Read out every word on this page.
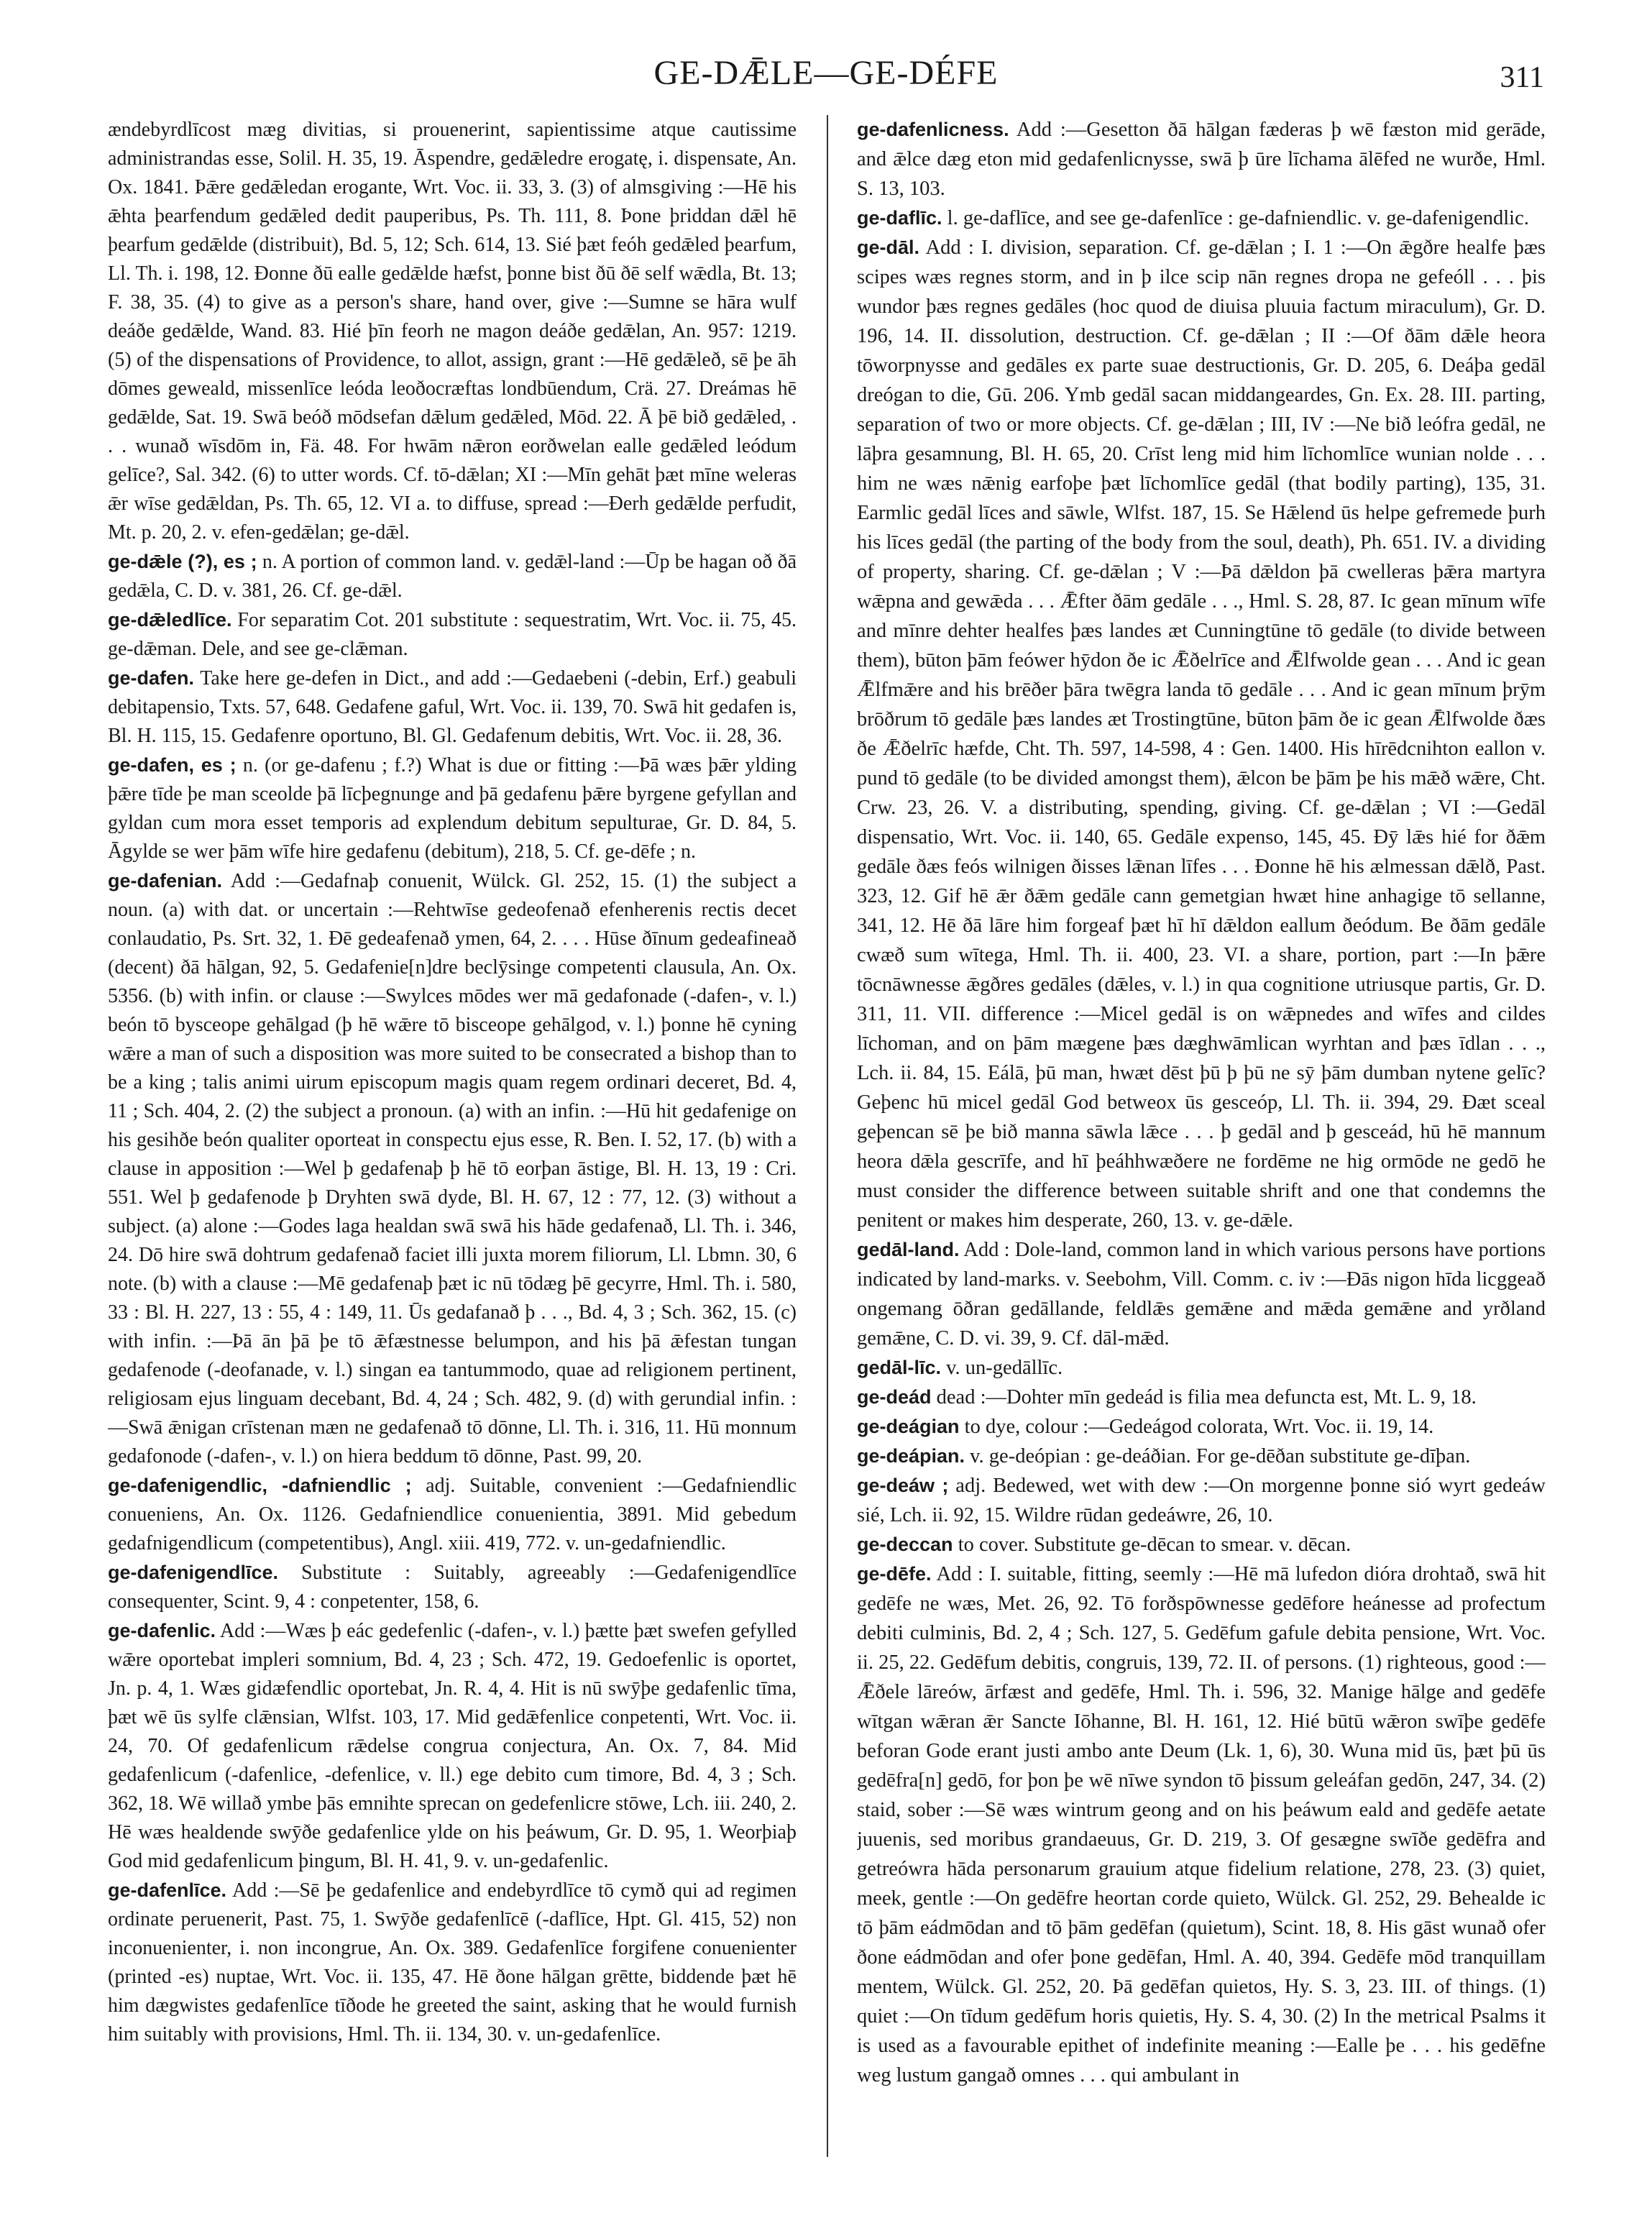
GE-DǢLE—GE-DÉFE	311

ændebyrdlīcost mæg divitias, si prouenerint, sapientissime atque cautissime administrandas esse, Solil. H. 35, 19. Āspendre, gedǣledre erogatę, i. dispensate, An. Ox. 1841. Þǣre gedǣledan erogante, Wrt. Voc. ii. 33, 3. (3) of almsgiving :—Hē his ǣhta þearfendum gedǣled dedit pauperibus, Ps. Th. 111, 8. Þone þriddan dǣl hē þearfum gedǣlde (distribuit), Bd. 5, 12; Sch. 614, 13. Sié þæt feóh gedǣled þearfum, Ll. Th. i. 198, 12. Ðonne ðū ealle gedǣlde hæfst, þonne bist ðū ðē self wǣdla, Bt. 13; F. 38, 35. (4) to give as a person's share, hand over, give :—Sumne se hāra wulf deáðe gedǣlde, Wand. 83. Hié þīn feorh ne magon deáðe gedǣlan, An. 957: 1219. (5) of the dispensations of Providence, to allot, assign, grant :—Hē gedǣleð, sē þe āh dōmes geweald, missenlīce leóda leoðocræftas londbūendum, Crä. 27. Dreámas hē gedǣlde, Sat. 19. Swā beóð mōdsefan dǣlum gedǣled, Mōd. 22. Ā þē bið gedǣled, . . . wunað wīsdōm in, Fä. 48. For hwām nǣron eorðwelan ealle gedǣled leódum gelīce?, Sal. 342. (6) to utter words. Cf. tō-dǣlan; XI :—Mīn gehāt þæt mīne weleras ǣr wīse gedǣldan, Ps. Th. 65, 12. VI a. to diffuse, spread :—Ðerh gedǣlde perfudit, Mt. p. 20, 2. v. efen-gedǣlan; ge-dǣl.

ge-dǣle (?), es ; n. A portion of common land. v. gedǣl-land :—Ūp be hagan oð ðā gedǣla, C. D. v. 381, 26. Cf. ge-dǣl.

ge-dǣledlīce. For separatim Cot. 201 substitute : sequestratim, Wrt. Voc. ii. 75, 45. ge-dǣman. Dele, and see ge-clǣman.

ge-dafen. Take here ge-defen in Dict., and add :—Gedaebeni (-debin, Erf.) geabuli debitapensio, Txts. 57, 648. Gedafene gaful, Wrt. Voc. ii. 139, 70. Swā hit gedafen is, Bl. H. 115, 15. Gedafenre oportuno, Bl. Gl. Gedafenum debitis, Wrt. Voc. ii. 28, 36.

ge-dafen, es ; n. (or ge-dafenu ; f.?) What is due or fitting :—Þā wæs þǣr ylding þǣre tīde þe man sceolde þā līcþegnunge and þā gedafenu þǣre byrgene gefyllan and gyldan cum mora esset temporis ad explendum debitum sepulturae, Gr. D. 84, 5. Āgylde se wer þām wīfe hire gedafenu (debitum), 218, 5. Cf. ge-dēfe ; n.

ge-dafenian. Add :—Gedafnaþ conuenit, Wülck. Gl. 252, 15. (1) the subject a noun. (a) with dat. or uncertain :—Rehtwīse gedeofenað efenherenis rectis decet conlaudatio, Ps. Srt. 32, 1. Ðē gedeafenað ymen, 64, 2. . . . Hūse ðīnum gedeafineað (decent) ðā hālgan, 92, 5. Gedafenie[n]dre beclȳsinge competenti clausula, An. Ox. 5356. (b) with infin. or clause :—Swylces mōdes wer mā gedafonade (-dafen-, v. l.) beón tō bysceope gehālgad (þ hē wǣre tō bisceope gehālgod, v. l.) þonne hē cyning wǣre a man of such a disposition was more suited to be consecrated a bishop than to be a king ; talis animi uirum episcopum magis quam regem ordinari deceret, Bd. 4, 11 ; Sch. 404, 2. (2) the subject a pronoun. (a) with an infin. :—Hū hit gedafenige on his gesihðe beón qualiter oporteat in conspectu ejus esse, R. Ben. I. 52, 17. (b) with a clause in apposition :—Wel þ gedafenaþ þ hē tō eorþan āstige, Bl. H. 13, 19 : Cri. 551. Wel þ gedafenode þ Dryhten swā dyde, Bl. H. 67, 12 : 77, 12. (3) without a subject. (a) alone :—Godes laga healdan swā swā his hāde gedafenað, Ll. Th. i. 346, 24. Dō hire swā dohtrum gedafenað faciet illi juxta morem filiorum, Ll. Lbmn. 30, 6 note. (b) with a clause :—Mē gedafenaþ þæt ic nū tōdæg þē gecyrre, Hml. Th. i. 580, 33 : Bl. H. 227, 13 : 55, 4 : 149, 11. Ūs gedafanað þ . . ., Bd. 4, 3 ; Sch. 362, 15. (c) with infin. :—Þā ān þā þe tō ǣfæstnesse belumpon, and his þā ǣfestan tungan gedafenode (-deofanade, v. l.) singan ea tantummodo, quae ad religionem pertinent, religiosam ejus linguam decebant, Bd. 4, 24 ; Sch. 482, 9. (d) with gerundial infin. :—Swā ǣnigan crīstenan mæn ne gedafenað tō dōnne, Ll. Th. i. 316, 11. Hū monnum gedafonode (-dafen-, v. l.) on hiera beddum tō dōnne, Past. 99, 20.

ge-dafenigendlic, -dafniendlic ; adj. Suitable, convenient :—Gedafniendlic conueniens, An. Ox. 1126. Gedafniendlice conuenientia, 3891. Mid gebedum gedafnigendlicum (competentibus), Angl. xiii. 419, 772. v. un-gedafniendlic.

ge-dafenigendlīce. Substitute : Suitably, agreeably :—Gedafenigendlīce consequenter, Scint. 9, 4 : conpetenter, 158, 6.

ge-dafenlic. Add :—Wæs þ eác gedefenlic (-dafen-, v. l.) þætte þæt swefen gefylled wǣre oportebat impleri somnium, Bd. 4, 23 ; Sch. 472, 19. Gedoefenlic is oportet, Jn. p. 4, 1. Wæs gidæfendlic oportebat, Jn. R. 4, 4. Hit is nū swȳþe gedafenlic tīma, þæt wē ūs sylfe clǣnsian, Wlfst. 103, 17. Mid gedǣfenlice conpetenti, Wrt. Voc. ii. 24, 70. Of gedafenlicum rǣdelse congrua conjectura, An. Ox. 7, 84. Mid gedafenlicum (-dafenlice, -defenlice, v. ll.) ege debito cum timore, Bd. 4, 3 ; Sch. 362, 18. Wē willað ymbe þās emnihte sprecan on gedefenlicre stōwe, Lch. iii. 240, 2. Hē wæs healdende swȳðe gedafenlice ylde on his þeáwum, Gr. D. 95, 1. Weorþiaþ God mid gedafenlicum þingum, Bl. H. 41, 9. v. un-gedafenlic.

ge-dafenlīce. Add :—Sē þe gedafenlice and endebyrdlīce tō cymð qui ad regimen ordinate peruenerit, Past. 75, 1. Swȳðe gedafenlīcē (-daflīce, Hpt. Gl. 415, 52) non inconuenienter, i. non incongrue, An. Ox. 389. Gedafenlīce forgifene conuenienter (printed -es) nuptae, Wrt. Voc. ii. 135, 47. Hē ðone hālgan grētte, biddende þæt hē him dægwistes gedafenlīce tīðode he greeted the saint, asking that he would furnish him suitably with provisions, Hml. Th. ii. 134, 30. v. un-gedafenlīce.

ge-dafenlicness. Add :—Gesetton ðā hālgan fæderas þ wē fæston mid gerāde, and ǣlce dæg eton mid gedafenlicnysse, swā þ ūre līchama ālēfed ne wurðe, Hml. S. 13, 103.

ge-daflīc. l. ge-daflīce, and see ge-dafenlīce : ge-dafniendlic. v. ge-dafenigendlic.

ge-dāl. Add : I. division, separation. Cf. ge-dǣlan ; I. 1 :—On ǣgðre healfe þæs scipes wæs regnes storm, and in þ ilce scip nān regnes dropa ne gefeóll . . . þis wundor þæs regnes gedāles (hoc quod de diuisa pluuia factum miraculum), Gr. D. 196, 14. II. dissolution, destruction. Cf. ge-dǣlan ; II :—Of ðām dǣle heora tōworpnysse and gedāles ex parte suae destructionis, Gr. D. 205, 6. Deáþa gedāl dreógan to die, Gū. 206. Ymb gedāl sacan middangeardes, Gn. Ex. 28. III. parting, separation of two or more objects. Cf. ge-dǣlan ; III, IV :—Ne bið leófra gedāl, ne lāþra gesamnung, Bl. H. 65, 20. Crīst leng mid him līchomlīce wunian nolde . . . him ne wæs nǣnig earfoþe þæt līchomlīce gedāl (that bodily parting), 135, 31. Earmlic gedāl līces and sāwle, Wlfst. 187, 15. Se Hǣlend ūs helpe gefremede þurh his līces gedāl (the parting of the body from the soul, death), Ph. 651. IV. a dividing of property, sharing. Cf. ge-dǣlan ; V :—Þā dǣldon þā cwelleras þǣra martyra wǣpna and gewǣda . . . Ǣfter ðām gedāle . . ., Hml. S. 28, 87. Ic gean mīnum wīfe and mīnre dehter healfes þæs landes æt Cunningtūne tō gedāle (to divide between them), būton þām feówer hȳdon ðe ic Ǣðelrīce and Ǣlfwolde gean . . . And ic gean Ǣlfmǣre and his brēðer þāra twēgra landa tō gedāle . . . And ic gean mīnum þrȳm brōðrum tō gedāle þæs landes æt Trostingtūne, būton þām ðe ic gean Ǣlfwolde ðæs ðe Ǣðelrīc hæfde, Cht. Th. 597, 14-598, 4 : Gen. 1400. His hīrēdcnihton eallon v. pund tō gedāle (to be divided amongst them), ǣlcon be þām þe his mǣð wǣre, Cht. Crw. 23, 26. V. a distributing, spending, giving. Cf. ge-dǣlan ; VI :—Gedāl dispensatio, Wrt. Voc. ii. 140, 65. Gedāle expenso, 145, 45. Ðȳ lǣs hié for ðǣm gedāle ðæs feós wilnigen ðisses lǣnan līfes . . . Ðonne hē his ælmessan dǣlð, Past. 323, 12. Gif hē ǣr ðǣm gedāle cann gemetgian hwæt hine anhagige tō sellanne, 341, 12. Hē ðā lāre him forgeaf þæt hī hī dǣldon eallum ðeódum. Be ðām gedāle cwæð sum wītega, Hml. Th. ii. 400, 23. VI. a share, portion, part :—In þǣre tōcnāwnesse ǣgðres gedāles (dǣles, v. l.) in qua cognitione utriusque partis, Gr. D. 311, 11. VII. difference :—Micel gedāl is on wǣpnedes and wīfes and cildes līchoman, and on þām mægene þæs dæghwāmlican wyrhtan and þæs īdlan . . ., Lch. ii. 84, 15. Eálā, þū man, hwæt dēst þū þ þū ne sȳ þām dumban nytene gelīc? Geþenc hū micel gedāl God betweox ūs gesceóp, Ll. Th. ii. 394, 29. Ðæt sceal geþencan sē þe bið manna sāwla lǣce . . . þ gedāl and þ gesceád, hū hē mannum heora dǣla gescrīfe, and hī þeáhhwæðere ne fordēme ne hig ormōde ne gedō he must consider the difference between suitable shrift and one that condemns the penitent or makes him desperate, 260, 13. v. ge-dǣle.

gedāl-land. Add : Dole-land, common land in which various persons have portions indicated by land-marks. v. Seebohm, Vill. Comm. c. iv :—Ðās nigon hīda licggeað ongemang ōðran gedāllande, feldlǣs gemǣne and mǣda gemǣne and yrðland gemǣne, C. D. vi. 39, 9. Cf. dāl-mǣd.

gedāl-līc. v. un-gedāllīc.

ge-deád dead :—Dohter mīn gedeád is filia mea defuncta est, Mt. L. 9, 18.

ge-deágian to dye, colour :—Gedeágod colorata, Wrt. Voc. ii. 19, 14.

ge-deápian. v. ge-deópian : ge-deáðian. For ge-dēðan substitute ge-dīþan.

ge-deáw ; adj. Bedewed, wet with dew :—On morgenne þonne sió wyrt gedeáw sié, Lch. ii. 92, 15. Wildre rūdan gedeáwre, 26, 10.

ge-deccan to cover. Substitute ge-dēcan to smear. v. dēcan.

ge-dēfe. Add : I. suitable, fitting, seemly :—Hē mā lufedon dióra drohtað, swā hit gedēfe ne wæs, Met. 26, 92. Tō forðspōwnesse gedēfore heánesse ad profectum debiti culminis, Bd. 2, 4 ; Sch. 127, 5. Gedēfum gafule debita pensione, Wrt. Voc. ii. 25, 22. Gedēfum debitis, congruis, 139, 72. II. of persons. (1) righteous, good :—Ǣðele lāreów, ārfæst and gedēfe, Hml. Th. i. 596, 32. Manige hālge and gedēfe wītgan wǣran ǣr Sancte Iōhanne, Bl. H. 161, 12. Hié būtū wǣron swīþe gedēfe beforan Gode erant justi ambo ante Deum (Lk. 1, 6), 30. Wuna mid ūs, þæt þū ūs gedēfra[n] gedō, for þon þe wē nīwe syndon tō þissum geleáfan gedōn, 247, 34. (2) staid, sober :—Sē wæs wintrum geong and on his þeáwum eald and gedēfe aetate juuenis, sed moribus grandaeuus, Gr. D. 219, 3. Of gesægne swīðe gedēfra and getreówra hāda personarum grauium atque fidelium relatione, 278, 23. (3) quiet, meek, gentle :—On gedēfre heortan corde quieto, Wülck. Gl. 252, 29. Behealde ic tō þām eádmōdan and tō þām gedēfan (quietum), Scint. 18, 8. His gāst wunað ofer ðone eádmōdan and ofer þone gedēfan, Hml. A. 40, 394. Gedēfe mōd tranquillam mentem, Wülck. Gl. 252, 20. Þā gedēfan quietos, Hy. S. 3, 23. III. of things. (1) quiet :—On tīdum gedēfum horis quietis, Hy. S. 4, 30. (2) In the metrical Psalms it is used as a favourable epithet of indefinite meaning :—Ealle þe . . . his gedēfne weg lustum gangað omnes . . . qui ambulant in
